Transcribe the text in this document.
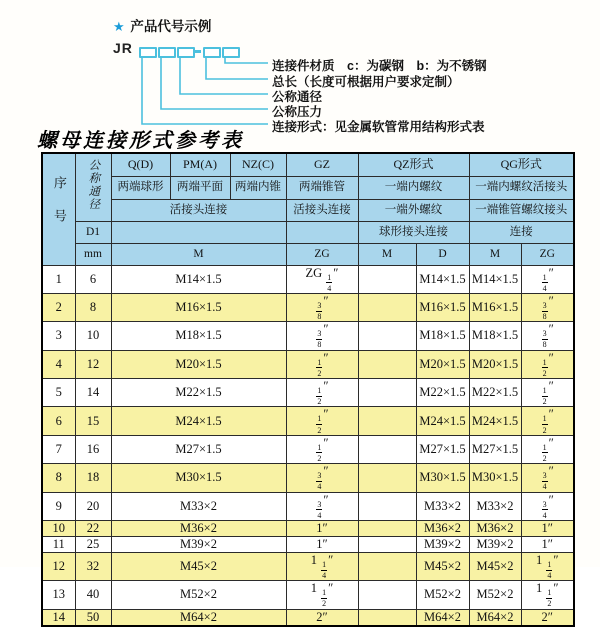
★ 产品代号示例
JR
连接件材质　c：为碳钢　b：为不锈钢
总长（长度可根据用户要求定制）
公称通径
公称压力
连接形式：见金属软管常用结构形式表
螺母连接形式参考表
序号	公称通径	Q(D)	PM(A)	NZ(C)	GZ	QZ形式		QG形式	
		两端球形	两端平面	两端内锥	两端锥管	一端内螺纹		一端内螺纹活接头	
		活接头连接			活接头连接	一端外螺纹		一端锥管螺纹接头	
	D1					球形接头连接		连接	
	mm	M			ZG	M	D	M	ZG
1	6	M14×1.5			ZG $\frac{1}{4}$ ″		M14×1.5	M14×1.5	$\frac{1}{4}$ ″
2	8	M16×1.5			$\frac{3}{8}$ ″		M16×1.5	M16×1.5	$\frac{3}{8}$ ″
3	10	M18×1.5			$\frac{3}{8}$ ″		M18×1.5	M18×1.5	$\frac{3}{8}$ ″
4	12	M20×1.5			$\frac{1}{2}$ ″		M20×1.5	M20×1.5	$\frac{1}{2}$ ″
5	14	M22×1.5			$\frac{1}{2}$ ″		M22×1.5	M22×1.5	$\frac{1}{2}$ ″
6	15	M24×1.5			$\frac{1}{2}$ ″		M24×1.5	M24×1.5	$\frac{1}{2}$ ″
7	16	M27×1.5			$\frac{1}{2}$ ″		M27×1.5	M27×1.5	$\frac{1}{2}$ ″
8	18	M30×1.5			$\frac{3}{4}$ ″		M30×1.5	M30×1.5	$\frac{3}{4}$ ″
9	20	M33×2			$\frac{3}{4}$ ″		M33×2	M33×2	$\frac{3}{4}$ ″
10	22	M36×2			1″		M36×2	M36×2	1″
11	25	M39×2			1″		M39×2	M39×2	1″
12	32	M45×2			$1 \frac{1}{4}$ ″		M45×2	M45×2	$1 \frac{1}{4}$ ″
13	40	M52×2			$1 \frac{1}{2}$ ″		M52×2	M52×2	$1 \frac{1}{2}$ ″
14	50	M64×2			2″		M64×2	M64×2	2″
